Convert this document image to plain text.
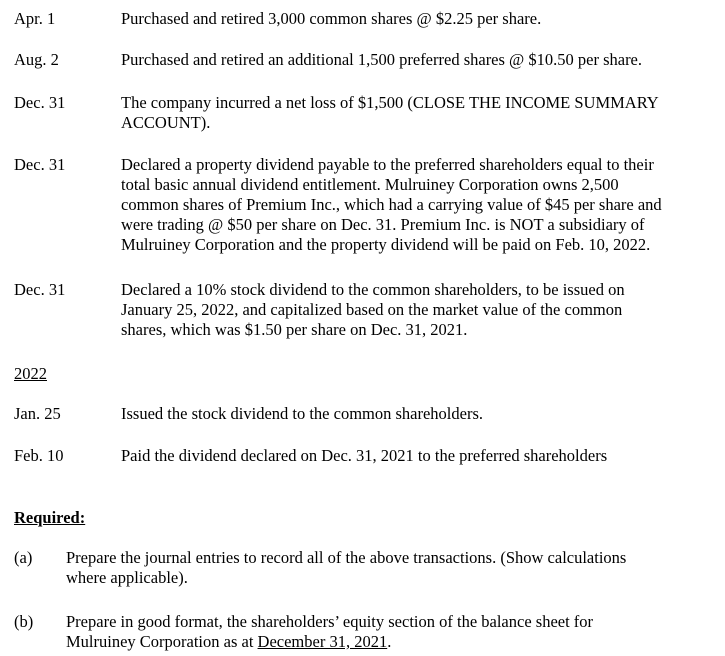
Apr. 1	Purchased and retired 3,000 common shares @ $2.25 per share.
Aug. 2	Purchased and retired an additional 1,500 preferred shares @ $10.50 per share.
Dec. 31	The company incurred a net loss of $1,500 (CLOSE THE INCOME SUMMARY
ACCOUNT).
Dec. 31	Declared a property dividend payable to the preferred shareholders equal to their
total basic annual dividend entitlement. Mulruiney Corporation owns 2,500
common shares of Premium Inc., which had a carrying value of $45 per share and
were trading @ $50 per share on Dec. 31. Premium Inc. is NOT a subsidiary of
Mulruiney Corporation and the property dividend will be paid on Feb. 10, 2022.
Dec. 31	Declared a 10% stock dividend to the common shareholders, to be issued on
January 25, 2022, and capitalized based on the market value of the common
shares, which was $1.50 per share on Dec. 31, 2021.
2022
Jan. 25	Issued the stock dividend to the common shareholders.
Feb. 10	Paid the dividend declared on Dec. 31, 2021 to the preferred shareholders
Required:
(a) Prepare the journal entries to record all of the above transactions. (Show calculations
where applicable).
(b) Prepare in good format, the shareholders’ equity section of the balance sheet for
Mulruiney Corporation as at December 31, 2021.
